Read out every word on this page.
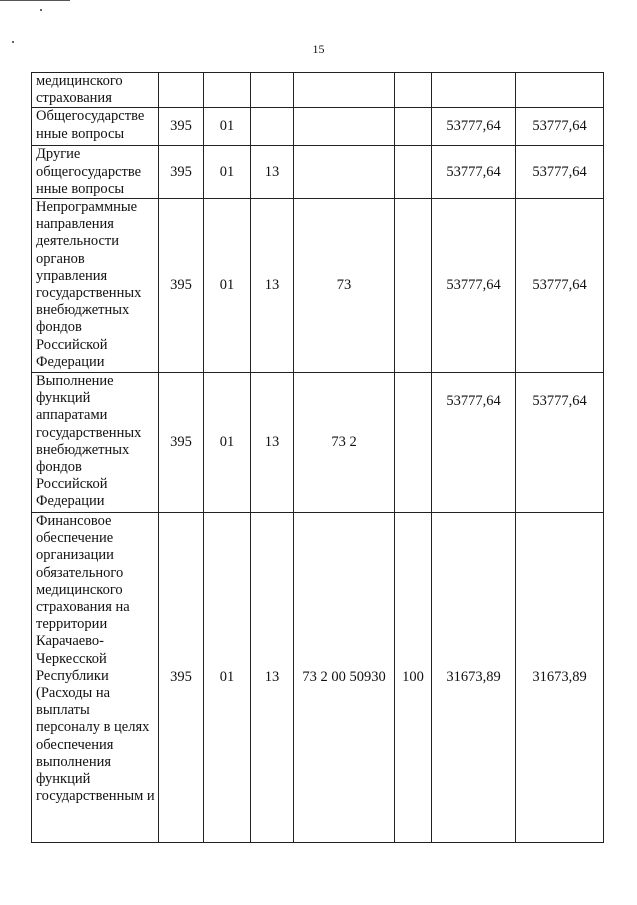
15
медицинского страхования							
Общегосударстве нные вопросы	395	01				53777,64	53777,64
Другие общегосударстве нные вопросы	395	01	13			53777,64	53777,64
Непрограммные направления деятельности органов управления государственных внебюджетных фондов Российской Федерации	395	01	13	73		53777,64	53777,64
Выполнение функций аппаратами государственных внебюджетных фондов Российской Федерации	395	01	13	73 2		53777,64	53777,64
Финансовое обеспечение организации обязательного медицинского страхования на территории Карачаево-Черкесской Республики (Расходы на выплаты персоналу в целях обеспечения выполнения функций государственным и	395	01	13	73 2 00 50930	100	31673,89	31673,89
